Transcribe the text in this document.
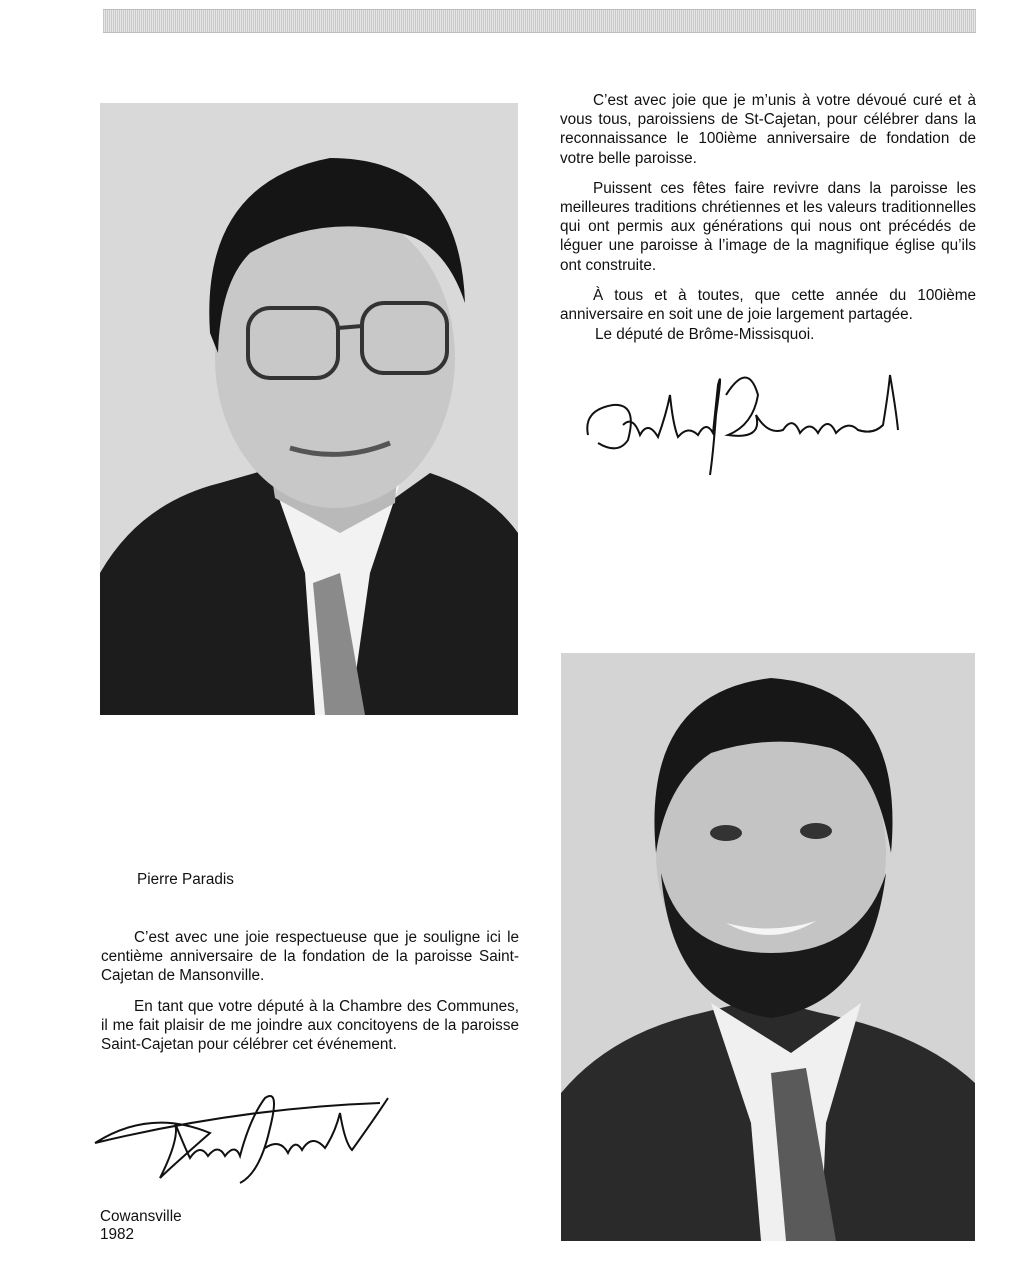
C’est avec joie que je m’unis à votre dévoué curé et à vous tous, paroissiens de St-Cajetan, pour célébrer dans la reconnaissance le 100ième anniversaire de fondation de votre belle paroisse.

Puissent ces fêtes faire revivre dans la paroisse les meilleures traditions chrétiennes et les valeurs traditionnelles qui ont permis aux générations qui nous ont précédés de léguer une paroisse à l’image de la magnifique église qu’ils ont construite.

À tous et à toutes, que cette année du 100ième anniversaire en soit une de joie largement partagée.

Le député de Brôme-Missisquoi.
Pierre Paradis

C’est avec une joie respectueuse que je souligne ici le centième anniversaire de la fondation de la paroisse Saint-Cajetan de Mansonville.

En tant que votre député à la Chambre des Communes, il me fait plaisir de me joindre aux concitoyens de la paroisse Saint-Cajetan pour célébrer cet événement.

Cowansville
1982
